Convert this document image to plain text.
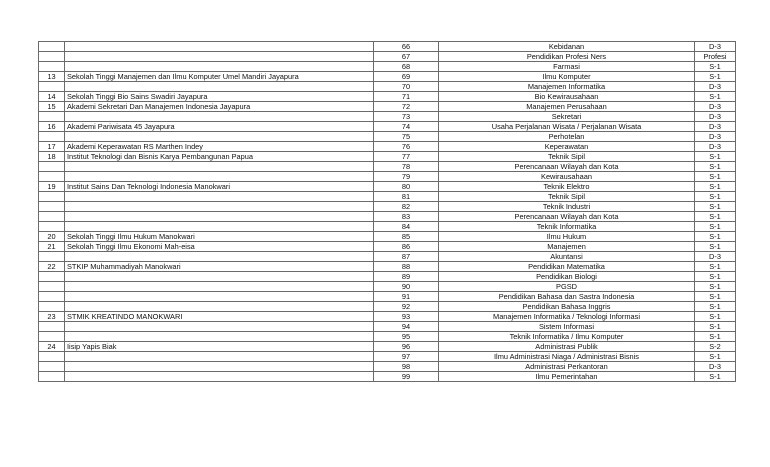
		66	Kebidanan	D-3
		67	Pendidikan Profesi Ners	Profesi
		68	Farmasi	S-1
13	Sekolah Tinggi Manajemen dan Ilmu Komputer Umel Mandiri Jayapura	69	Ilmu Komputer	S-1
		70	Manajemen Informatika	D-3
14	Sekolah Tinggi Bio Sains Swadiri Jayapura	71	Bio Kewirausahaan	S-1
15	Akademi Sekretari Dan Manajemen Indonesia Jayapura	72	Manajemen Perusahaan	D-3
		73	Sekretari	D-3
16	Akademi Pariwisata 45 Jayapura	74	Usaha Perjalanan Wisata / Perjalanan Wisata	D-3
		75	Perhotelan	D-3
17	Akademi Keperawatan RS Marthen Indey	76	Keperawatan	D-3
18	Institut Teknologi dan Bisnis Karya Pembangunan Papua	77	Teknik Sipil	S-1
		78	Perencanaan Wilayah dan Kota	S-1
		79	Kewirausahaan	S-1
19	Institut Sains Dan Teknologi Indonesia Manokwari	80	Teknik Elektro	S-1
		81	Teknik Sipil	S-1
		82	Teknik Industri	S-1
		83	Perencanaan Wilayah dan Kota	S-1
		84	Teknik Informatika	S-1
20	Sekolah Tinggi Ilmu Hukum Manokwari	85	Ilmu Hukum	S-1
21	Sekolah Tinggi Ilmu Ekonomi Mah-eisa	86	Manajemen	S-1
		87	Akuntansi	D-3
22	STKIP Muhammadiyah Manokwari	88	Pendidikan Matematika	S-1
		89	Pendidikan Biologi	S-1
		90	PGSD	S-1
		91	Pendidikan Bahasa dan Sastra Indonesia	S-1
		92	Pendidikan Bahasa Inggris	S-1
23	STMIK KREATINDO MANOKWARI	93	Manajemen Informatika / Teknologi Informasi	S-1
		94	Sistem Informasi	S-1
		95	Teknik Informatika / Ilmu Komputer	S-1
24	Iisip Yapis Biak	96	Administrasi Publik	S-2
		97	Ilmu Administrasi Niaga / Administrasi Bisnis	S-1
		98	Administrasi Perkantoran	D-3
		99	Ilmu Pemerintahan	S-1
